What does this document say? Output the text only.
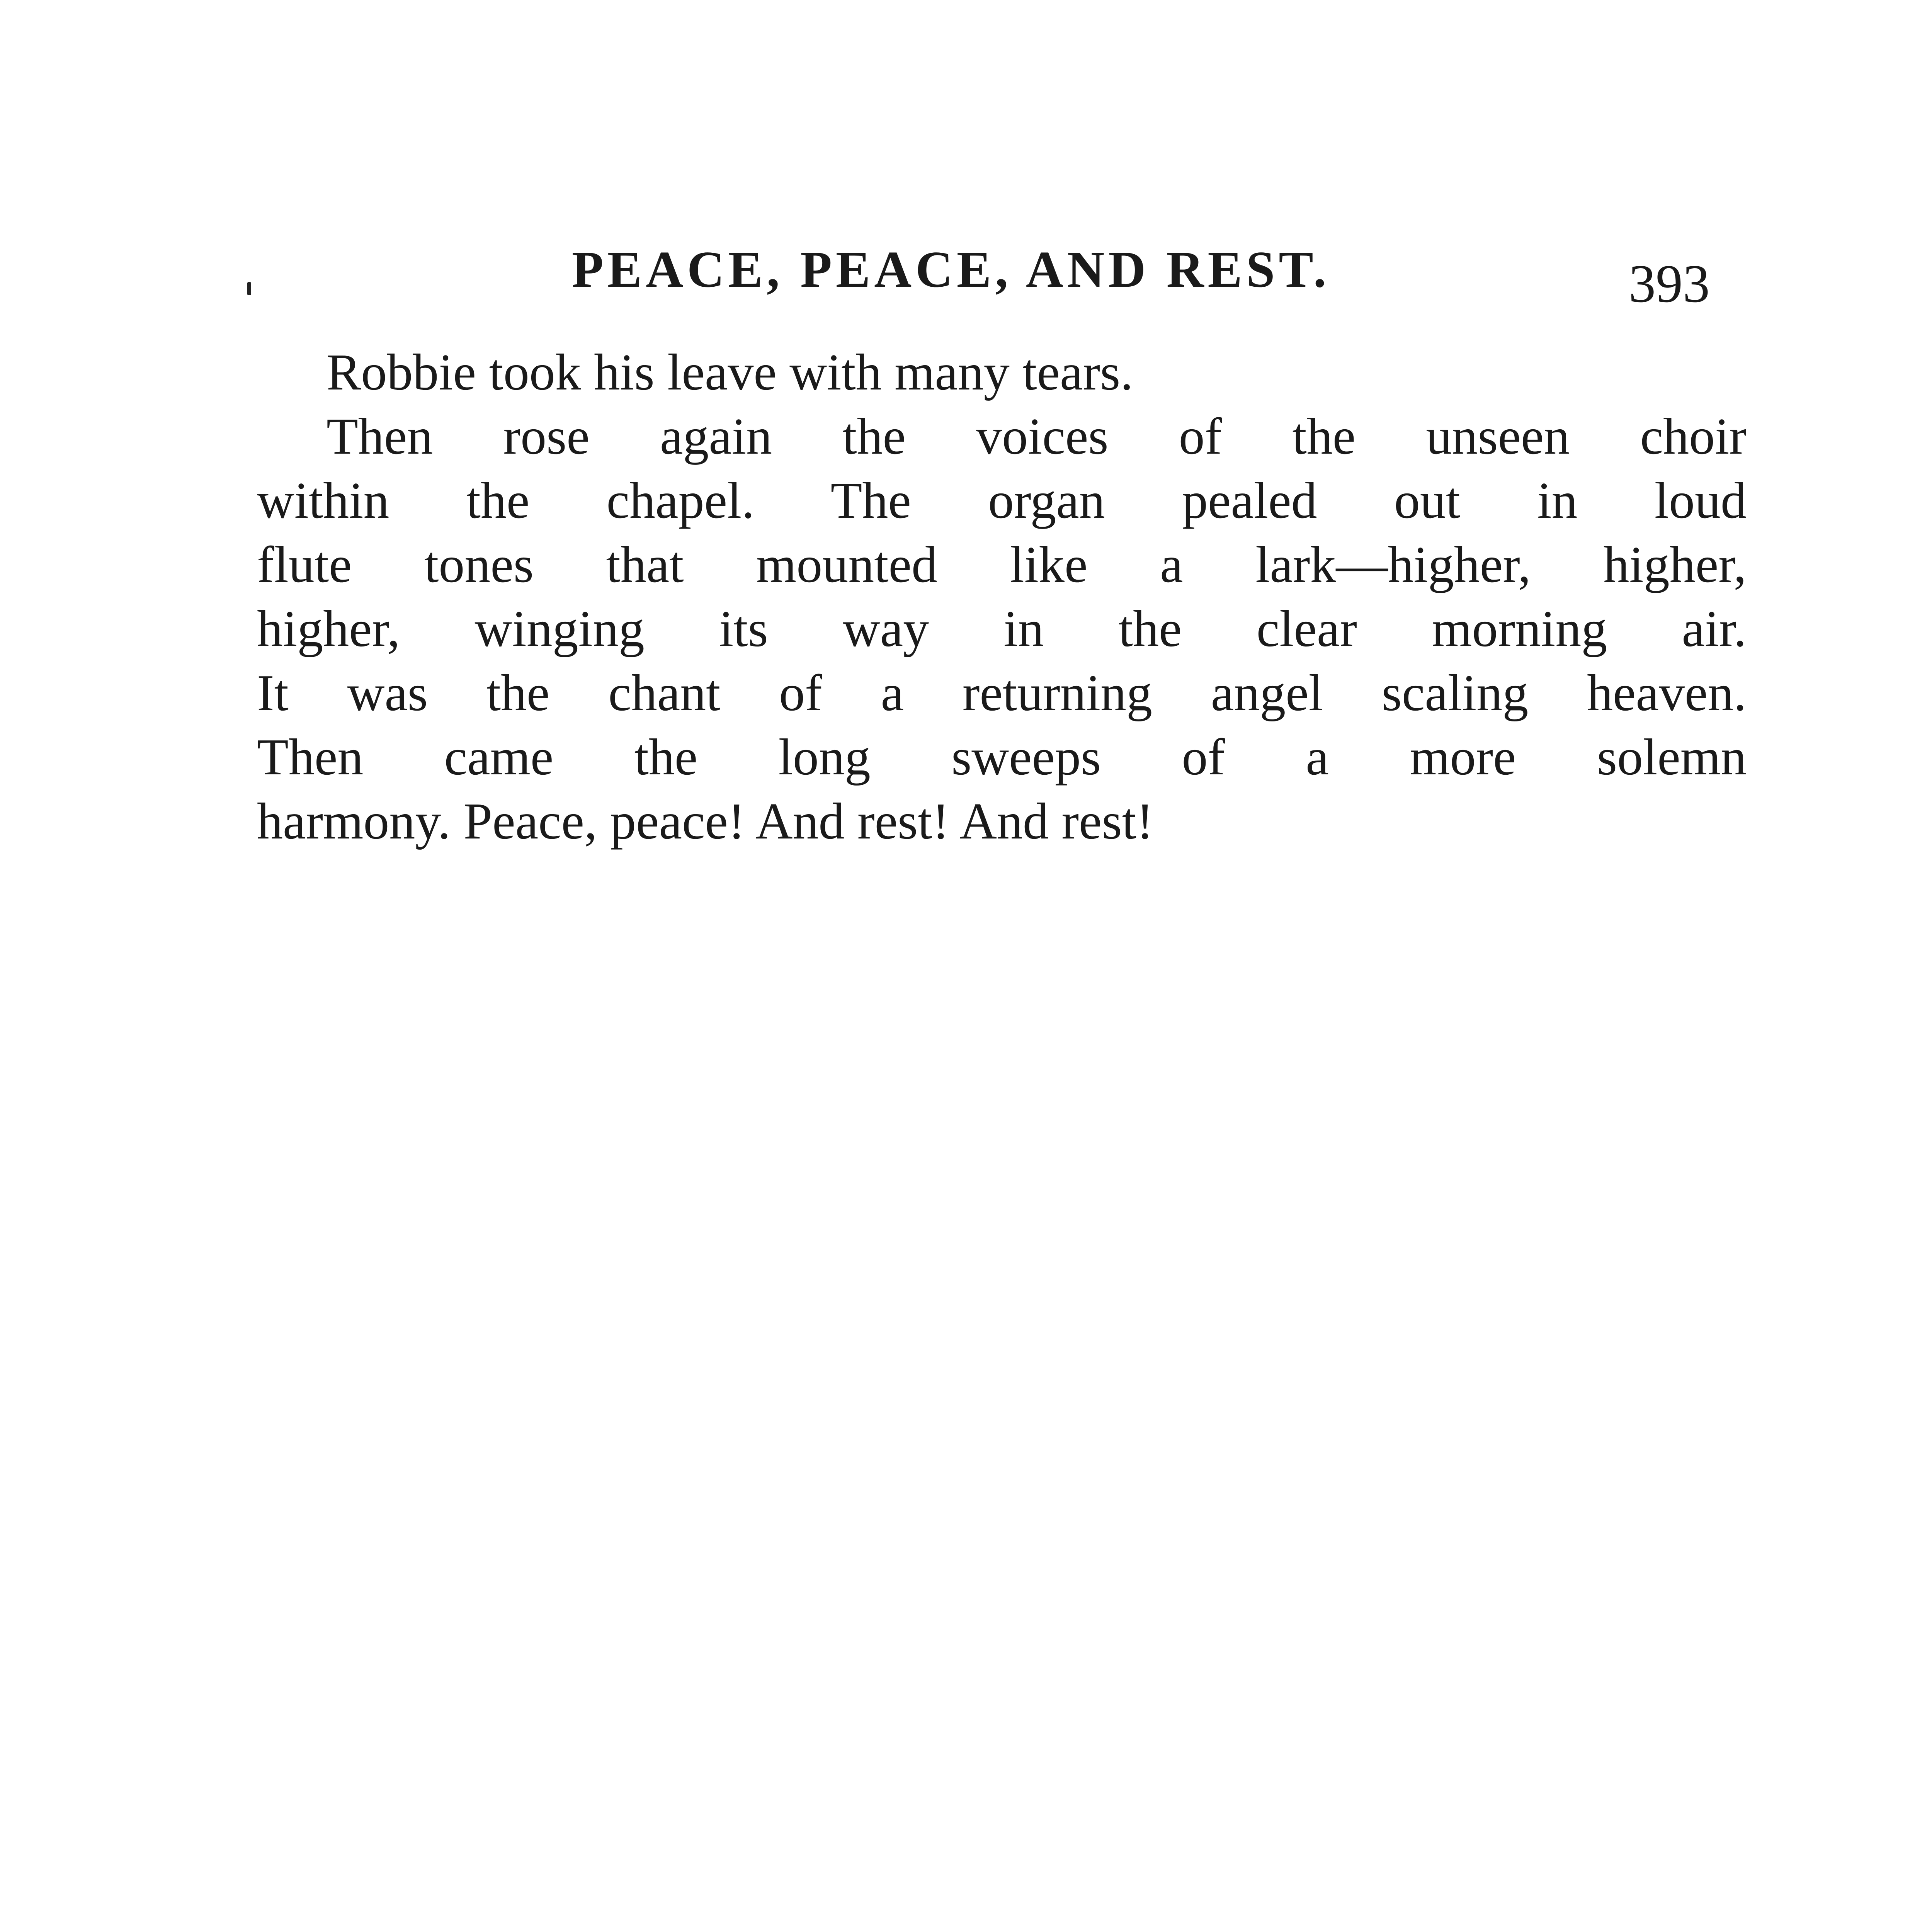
PEACE, PEACE, AND REST.	393

Robbie took his leave with many tears.

Then rose again the voices of the unseen choir
within the chapel. The organ pealed out in loud
flute tones that mounted like a lark—higher, higher,
higher, winging its way in the clear morning air.
It was the chant of a returning angel scaling heaven.
Then came the long sweeps of a more solemn
harmony. Peace, peace! And rest! And rest!
